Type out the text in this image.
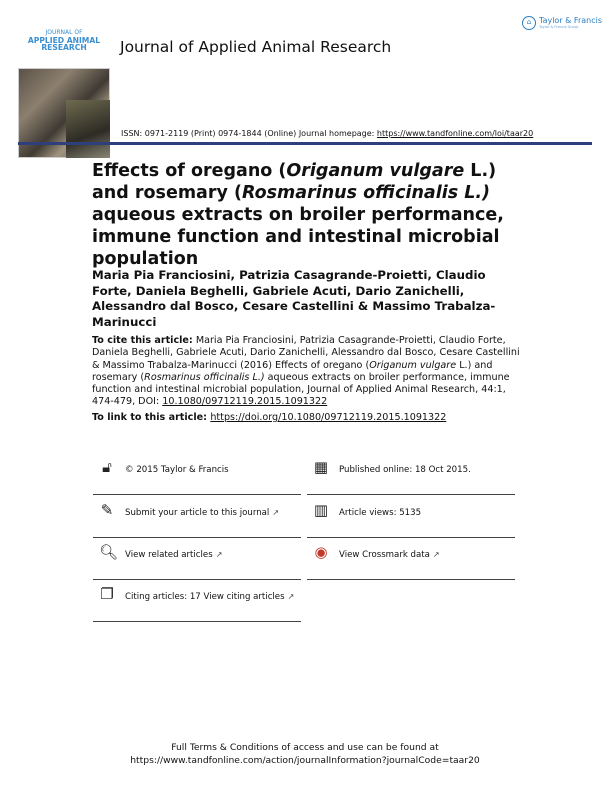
JOURNAL OF
APPLIED ANIMAL
RESEARCH	Journal of Applied Animal Research
⌂ Taylor & Francis
Taylor & Francis Group
ISSN: 0971-2119 (Print) 0974-1844 (Online) Journal homepage: https://www.tandfonline.com/loi/taar20
Effects of oregano (Origanum vulgare L.) and rosemary (Rosmarinus officinalis L.) aqueous extracts on broiler performance, immune function and intestinal microbial population
Maria Pia Franciosini, Patrizia Casagrande-Proietti, Claudio Forte, Daniela Beghelli, Gabriele Acuti, Dario Zanichelli, Alessandro dal Bosco, Cesare Castellini & Massimo Trabalza-Marinucci
To cite this article: Maria Pia Franciosini, Patrizia Casagrande-Proietti, Claudio Forte, Daniela Beghelli, Gabriele Acuti, Dario Zanichelli, Alessandro dal Bosco, Cesare Castellini & Massimo Trabalza-Marinucci (2016) Effects of oregano (Origanum vulgare L.) and rosemary (Rosmarinus officinalis L.) aqueous extracts on broiler performance, immune function and intestinal microbial population, Journal of Applied Animal Research, 44:1, 474-479, DOI: 10.1080/09712119.2015.1091322
To link to this article: https://doi.org/10.1080/09712119.2015.1091322
🔓︎	© 2015 Taylor & Francis	▦ Published online: 18 Oct 2015.
✎ Submit your article to this journal ↗ ▥ Article views: 5135
🔍︎ View related articles ↗	◉ View Crossmark data ↗
❐ Citing articles: 17 View citing articles ↗
Full Terms & Conditions of access and use can be found at
https://www.tandfonline.com/action/journalInformation?journalCode=taar20
